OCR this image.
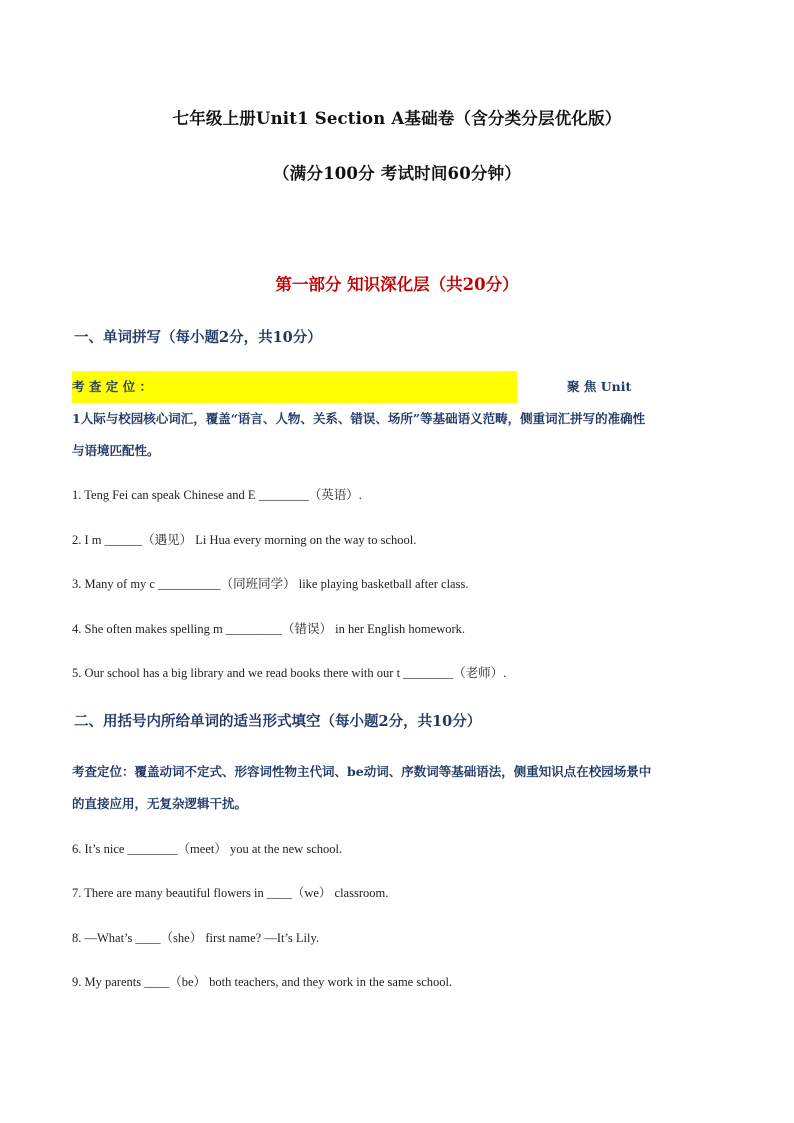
七年级上册Unit1 Section A基础卷（含分类分层优化版）
（满分100分 考试时间60分钟）
第一部分 知识深化层（共20分）
一、单词拼写（每小题2分，共10分）
考 查 定 位 ：	聚 焦 Unit
1人际与校园核心词汇，覆盖“语言、人物、关系、错误、场所”等基础语义范畴，侧重词汇拼写的准确性
与语境匹配性。
1. Teng Fei can speak Chinese and E ________（英语）.
2. I m ______（遇见） Li Hua every morning on the way to school.
3. Many of my c __________（同班同学） like playing basketball after class.
4. She often makes spelling m _________（错误） in her English homework.
5. Our school has a big library and we read books there with our t ________（老师）.
二、用括号内所给单词的适当形式填空（每小题2分，共10分）
考查定位：覆盖动词不定式、形容词性物主代词、be动词、序数词等基础语法，侧重知识点在校园场景中
的直接应用，无复杂逻辑干扰。
6. It’s nice ________（meet） you at the new school.
7. There are many beautiful flowers in ____（we） classroom.
8. —What’s ____（she） first name? —It’s Lily.
9. My parents ____（be） both teachers, and they work in the same school.
